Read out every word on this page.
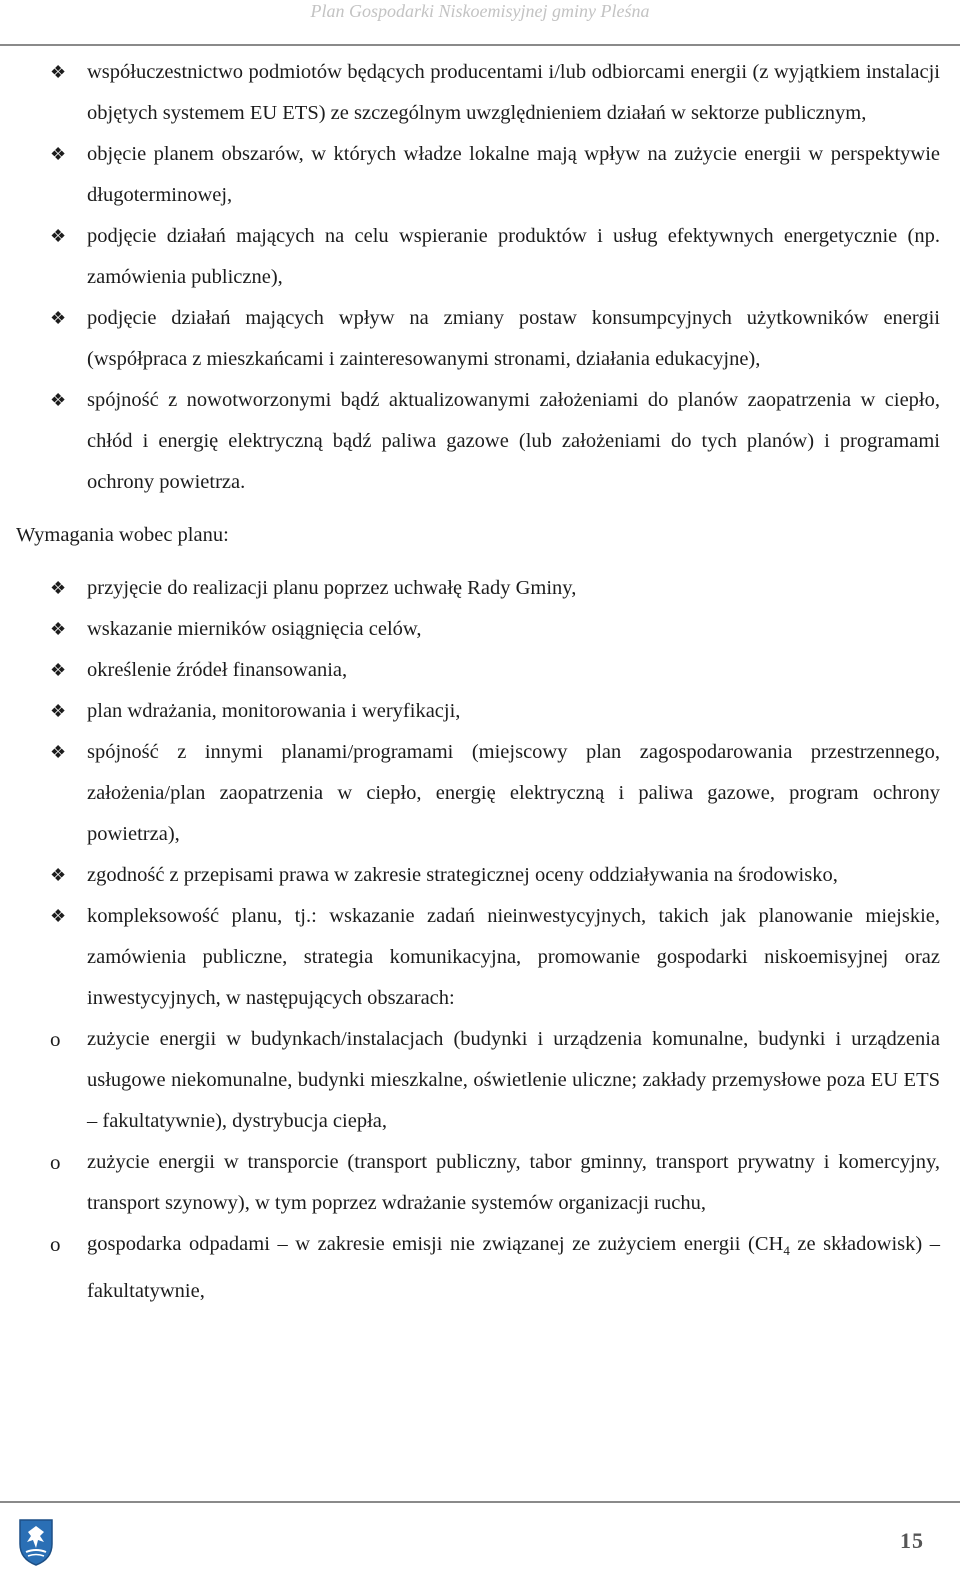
Plan Gospodarki Niskoemisyjnej gminy Pleśna
❖ współuczestnictwo podmiotów będących producentami i/lub odbiorcami energii (z wyjątkiem instalacji objętych systemem EU ETS) ze szczególnym uwzględnieniem działań w sektorze publicznym,
❖ objęcie planem obszarów, w których władze lokalne mają wpływ na zużycie energii w perspektywie długoterminowej,
❖ podjęcie działań mających na celu wspieranie produktów i usług efektywnych energetycznie (np. zamówienia publiczne),
❖ podjęcie działań mających wpływ na zmiany postaw konsumpcyjnych użytkowników energii (współpraca z mieszkańcami i zainteresowanymi stronami, działania edukacyjne),
❖ spójność z nowotworzonymi bądź aktualizowanymi założeniami do planów zaopatrzenia w ciepło, chłód i energię elektryczną bądź paliwa gazowe (lub założeniami do tych planów) i programami ochrony powietrza.
Wymagania wobec planu:
❖ przyjęcie do realizacji planu poprzez uchwałę Rady Gminy,
❖ wskazanie mierników osiągnięcia celów,
❖ określenie źródeł finansowania,
❖ plan wdrażania, monitorowania i weryfikacji,
❖ spójność z innymi planami/programami (miejscowy plan zagospodarowania przestrzennego, założenia/plan zaopatrzenia w ciepło, energię elektryczną i paliwa gazowe, program ochrony powietrza),
❖ zgodność z przepisami prawa w zakresie strategicznej oceny oddziaływania na środowisko,
❖ kompleksowość planu, tj.: wskazanie zadań nieinwestycyjnych, takich jak planowanie miejskie, zamówienia publiczne, strategia komunikacyjna, promowanie gospodarki niskoemisyjnej oraz inwestycyjnych, w następujących obszarach:
o	zużycie energii w budynkach/instalacjach (budynki i urządzenia komunalne, budynki i urządzenia usługowe niekomunalne, budynki mieszkalne, oświetlenie uliczne; zakłady przemysłowe poza EU ETS – fakultatywnie), dystrybucja ciepła,
o	zużycie energii w transporcie (transport publiczny, tabor gminny, transport prywatny i komercyjny, transport szynowy), w tym poprzez wdrażanie systemów organizacji ruchu,
o	gospodarka odpadami – w zakresie emisji nie związanej ze zużyciem energii ($CH_4$ ze składowisk) – fakultatywnie,
15
